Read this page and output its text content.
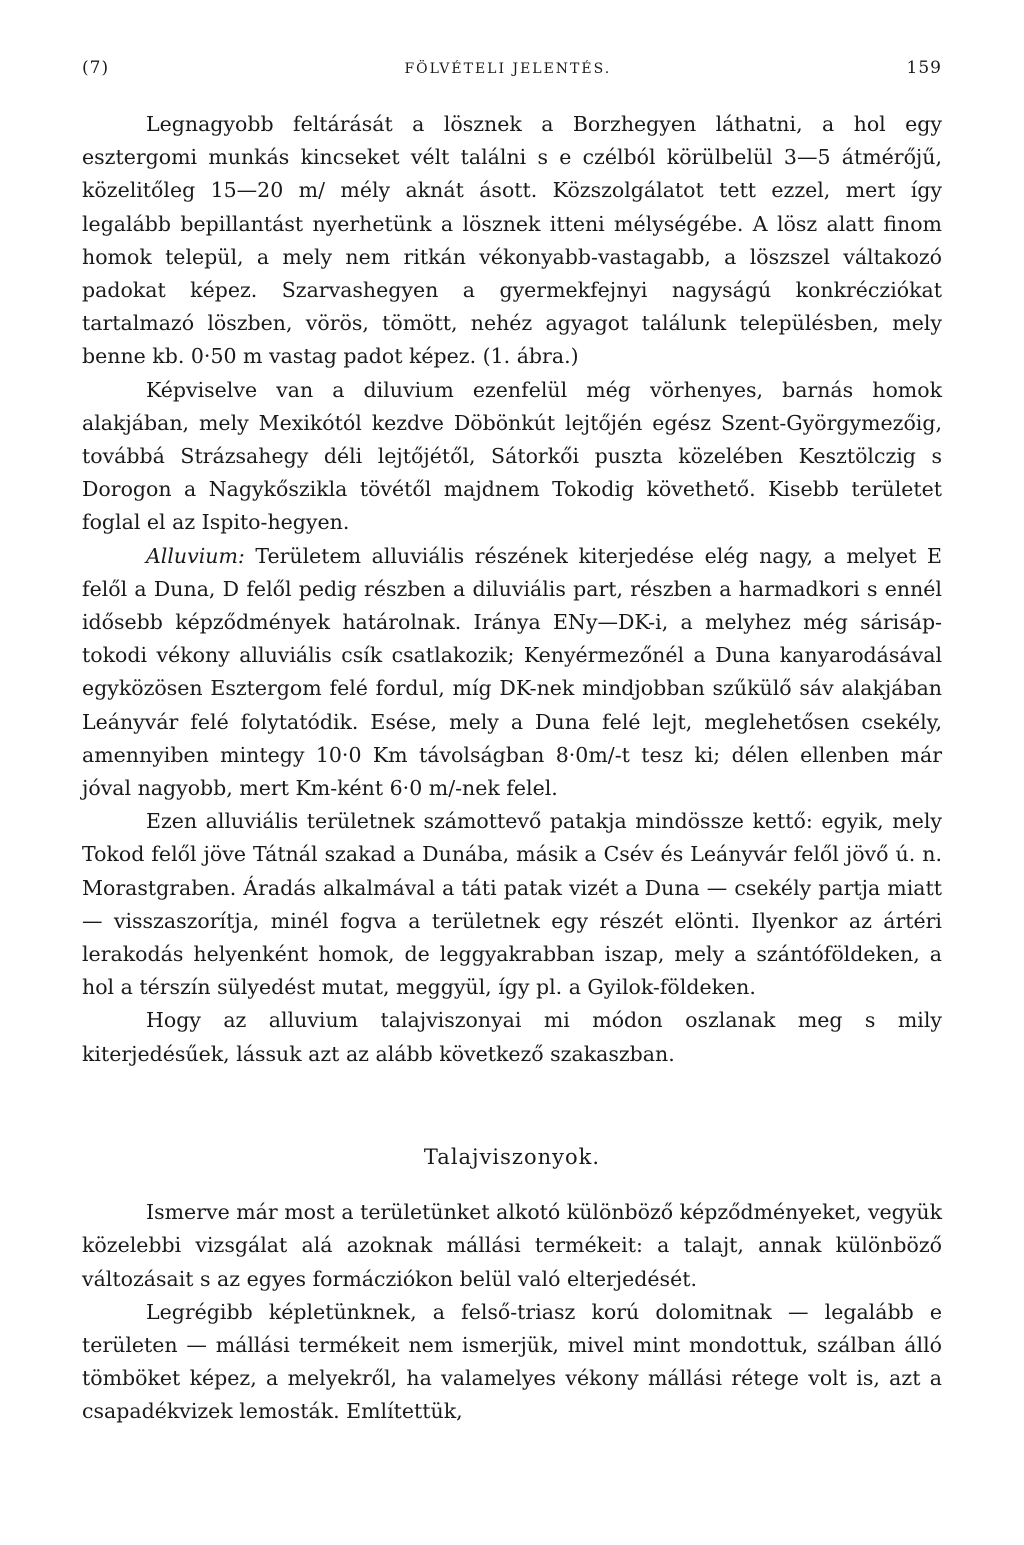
(7)	FÖLVÉTELI JELENTÉS.	159

Legnagyobb feltárását a lösznek a Borzhegyen láthatni, a hol egy esztergomi munkás kincseket vélt találni s e czélból körülbelül 3—5 átmérőjű, közelitőleg 15—20 m/ mély aknát ásott. Közszolgálatot tett ezzel, mert így legalább bepillantást nyerhetünk a lösznek itteni mélységébe. A lösz alatt finom homok települ, a mely nem ritkán vékonyabb-vastagabb, a löszszel váltakozó padokat képez. Szarvashegyen a gyermekfejnyi nagyságú konkrécziókat tartalmazó löszben, vörös, tömött, nehéz agyagot találunk településben, mely benne kb. 0·50 m vastag padot képez. (1. ábra.)

Képviselve van a diluvium ezenfelül még vörhenyes, barnás homok alakjában, mely Mexikótól kezdve Döbönkút lejtőjén egész Szent-Györgymezőig, továbbá Strázsahegy déli lejtőjétől, Sátorkői puszta közelében Kesztölczig s Dorogon a Nagykőszikla tövétől majdnem Tokodig követhető. Kisebb területet foglal el az Ispito-hegyen.

Alluvium: Területem alluviális részének kiterjedése elég nagy, a melyet E felől a Duna, D felől pedig részben a diluviális part, részben a harmadkori s ennél idősebb képződmények határolnak. Iránya ENy—DK-i, a melyhez még sárisáp-tokodi vékony alluviális csík csatlakozik; Kenyérmezőnél a Duna kanyarodásával egyközösen Esztergom felé fordul, míg DK-nek mindjobban szűkülő sáv alakjában Leányvár felé folytatódik. Esése, mely a Duna felé lejt, meglehetősen csekély, amennyiben mintegy 10·0 Km távolságban 8·0m/-t tesz ki; délen ellenben már jóval nagyobb, mert Km-ként 6·0 m/-nek felel.

Ezen alluviális területnek számottevő patakja mindössze kettő: egyik, mely Tokod felől jöve Tátnál szakad a Dunába, másik a Csév és Leányvár felől jövő ú. n. Morastgraben. Áradás alkalmával a táti patak vizét a Duna — csekély partja miatt — visszaszorítja, minél fogva a területnek egy részét elönti. Ilyenkor az ártéri lerakodás helyenként homok, de leggyakrabban iszap, mely a szántóföldeken, a hol a térszín sülyedést mutat, meggyül, így pl. a Gyilok-földeken.

Hogy az alluvium talajviszonyai mi módon oszlanak meg s mily kiterjedésűek, lássuk azt az alább következő szakaszban.

Talajviszonyok.

Ismerve már most a területünket alkotó különböző képződményeket, vegyük közelebbi vizsgálat alá azoknak mállási termékeit: a talajt, annak különböző változásait s az egyes formácziókon belül való elterjedését.

Legrégibb képletünknek, a felső-triasz korú dolomitnak — legalább e területen — mállási termékeit nem ismerjük, mivel mint mondottuk, szálban álló tömböket képez, a melyekről, ha valamelyes vékony mállási rétege volt is, azt a csapadékvizek lemosták. Említettük,
